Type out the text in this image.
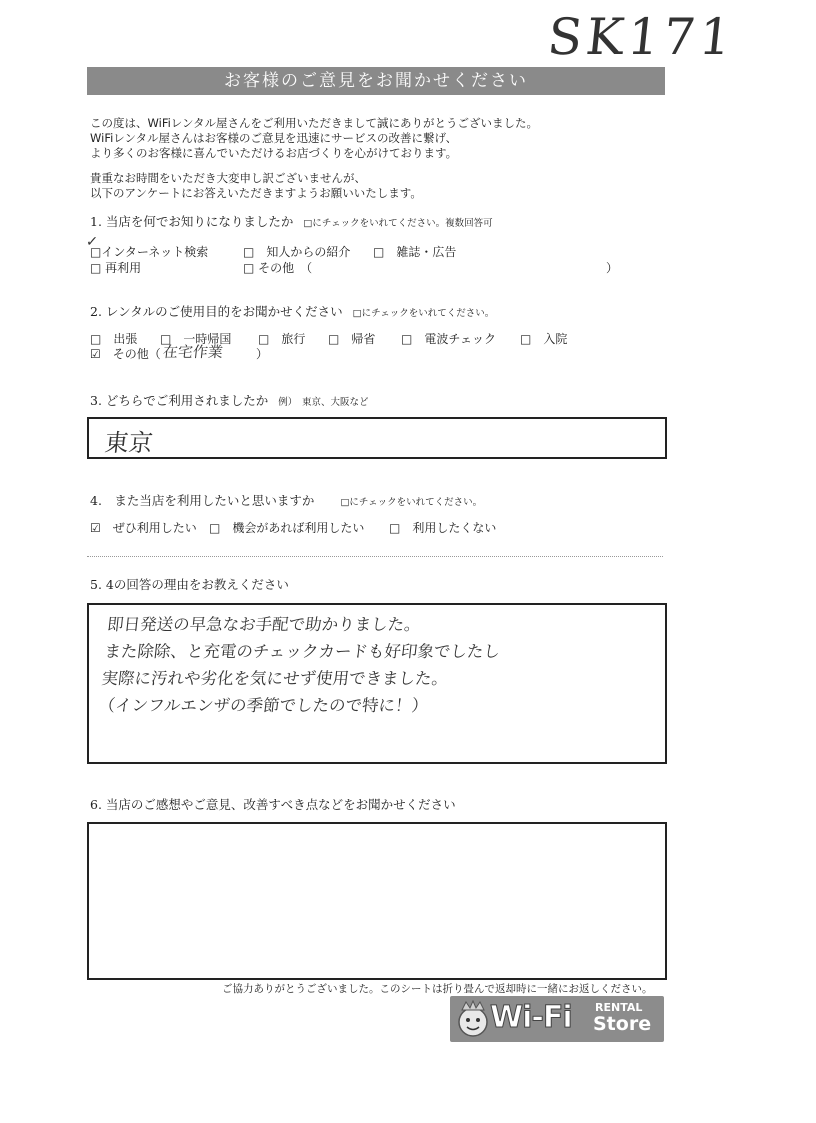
SK171
お客様のご意見をお聞かせください
この度は、WiFiレンタル屋さんをご利用いただきまして誠にありがとうございました。
WiFiレンタル屋さんはお客様のご意見を迅速にサービスの改善に繋げ、
より多くのお客様に喜んでいただけるお店づくりを心がけております。
貴重なお時間をいただき大変申し訳ございませんが、
以下のアンケートにお答えいただきますようお願いいたします。
1. 当店を何でお知りになりましたか □にチェックをいれてください。複数回答可
✓
□インターネット検索	□　知人からの紹介 □　雑誌・広告
□ 再利用	□ その他　（	）
2. レンタルのご使用目的をお聞かせください □にチェックをいれてください。
□　出張 □　一時帰国 □　旅行 □　帰省 □　電波チェック □　入院
☑　その他（ 在宅作業	）
3. どちらでご利用されましたか 例）　東京、大阪など
東京
4.　また当店を利用したいと思いますか	□にチェックをいれてください。
☑　ぜひ利用したい □　機会があれば利用したい □　利用したくない
5. 4の回答の理由をお教えください
即日発送の早急なお手配で助かりました。
また除除、と充電のチェックカードも好印象でしたし
実際に汚れや劣化を気にせず使用できました。
（インフルエンザの季節でしたので特に！）
6. 当店のご感想やご意見、改善すべき点などをお聞かせください
ご協力ありがとうございました。このシートは折り畳んで返却時に一緒にお返しください。
Wi-Fi RENTAL
Store
